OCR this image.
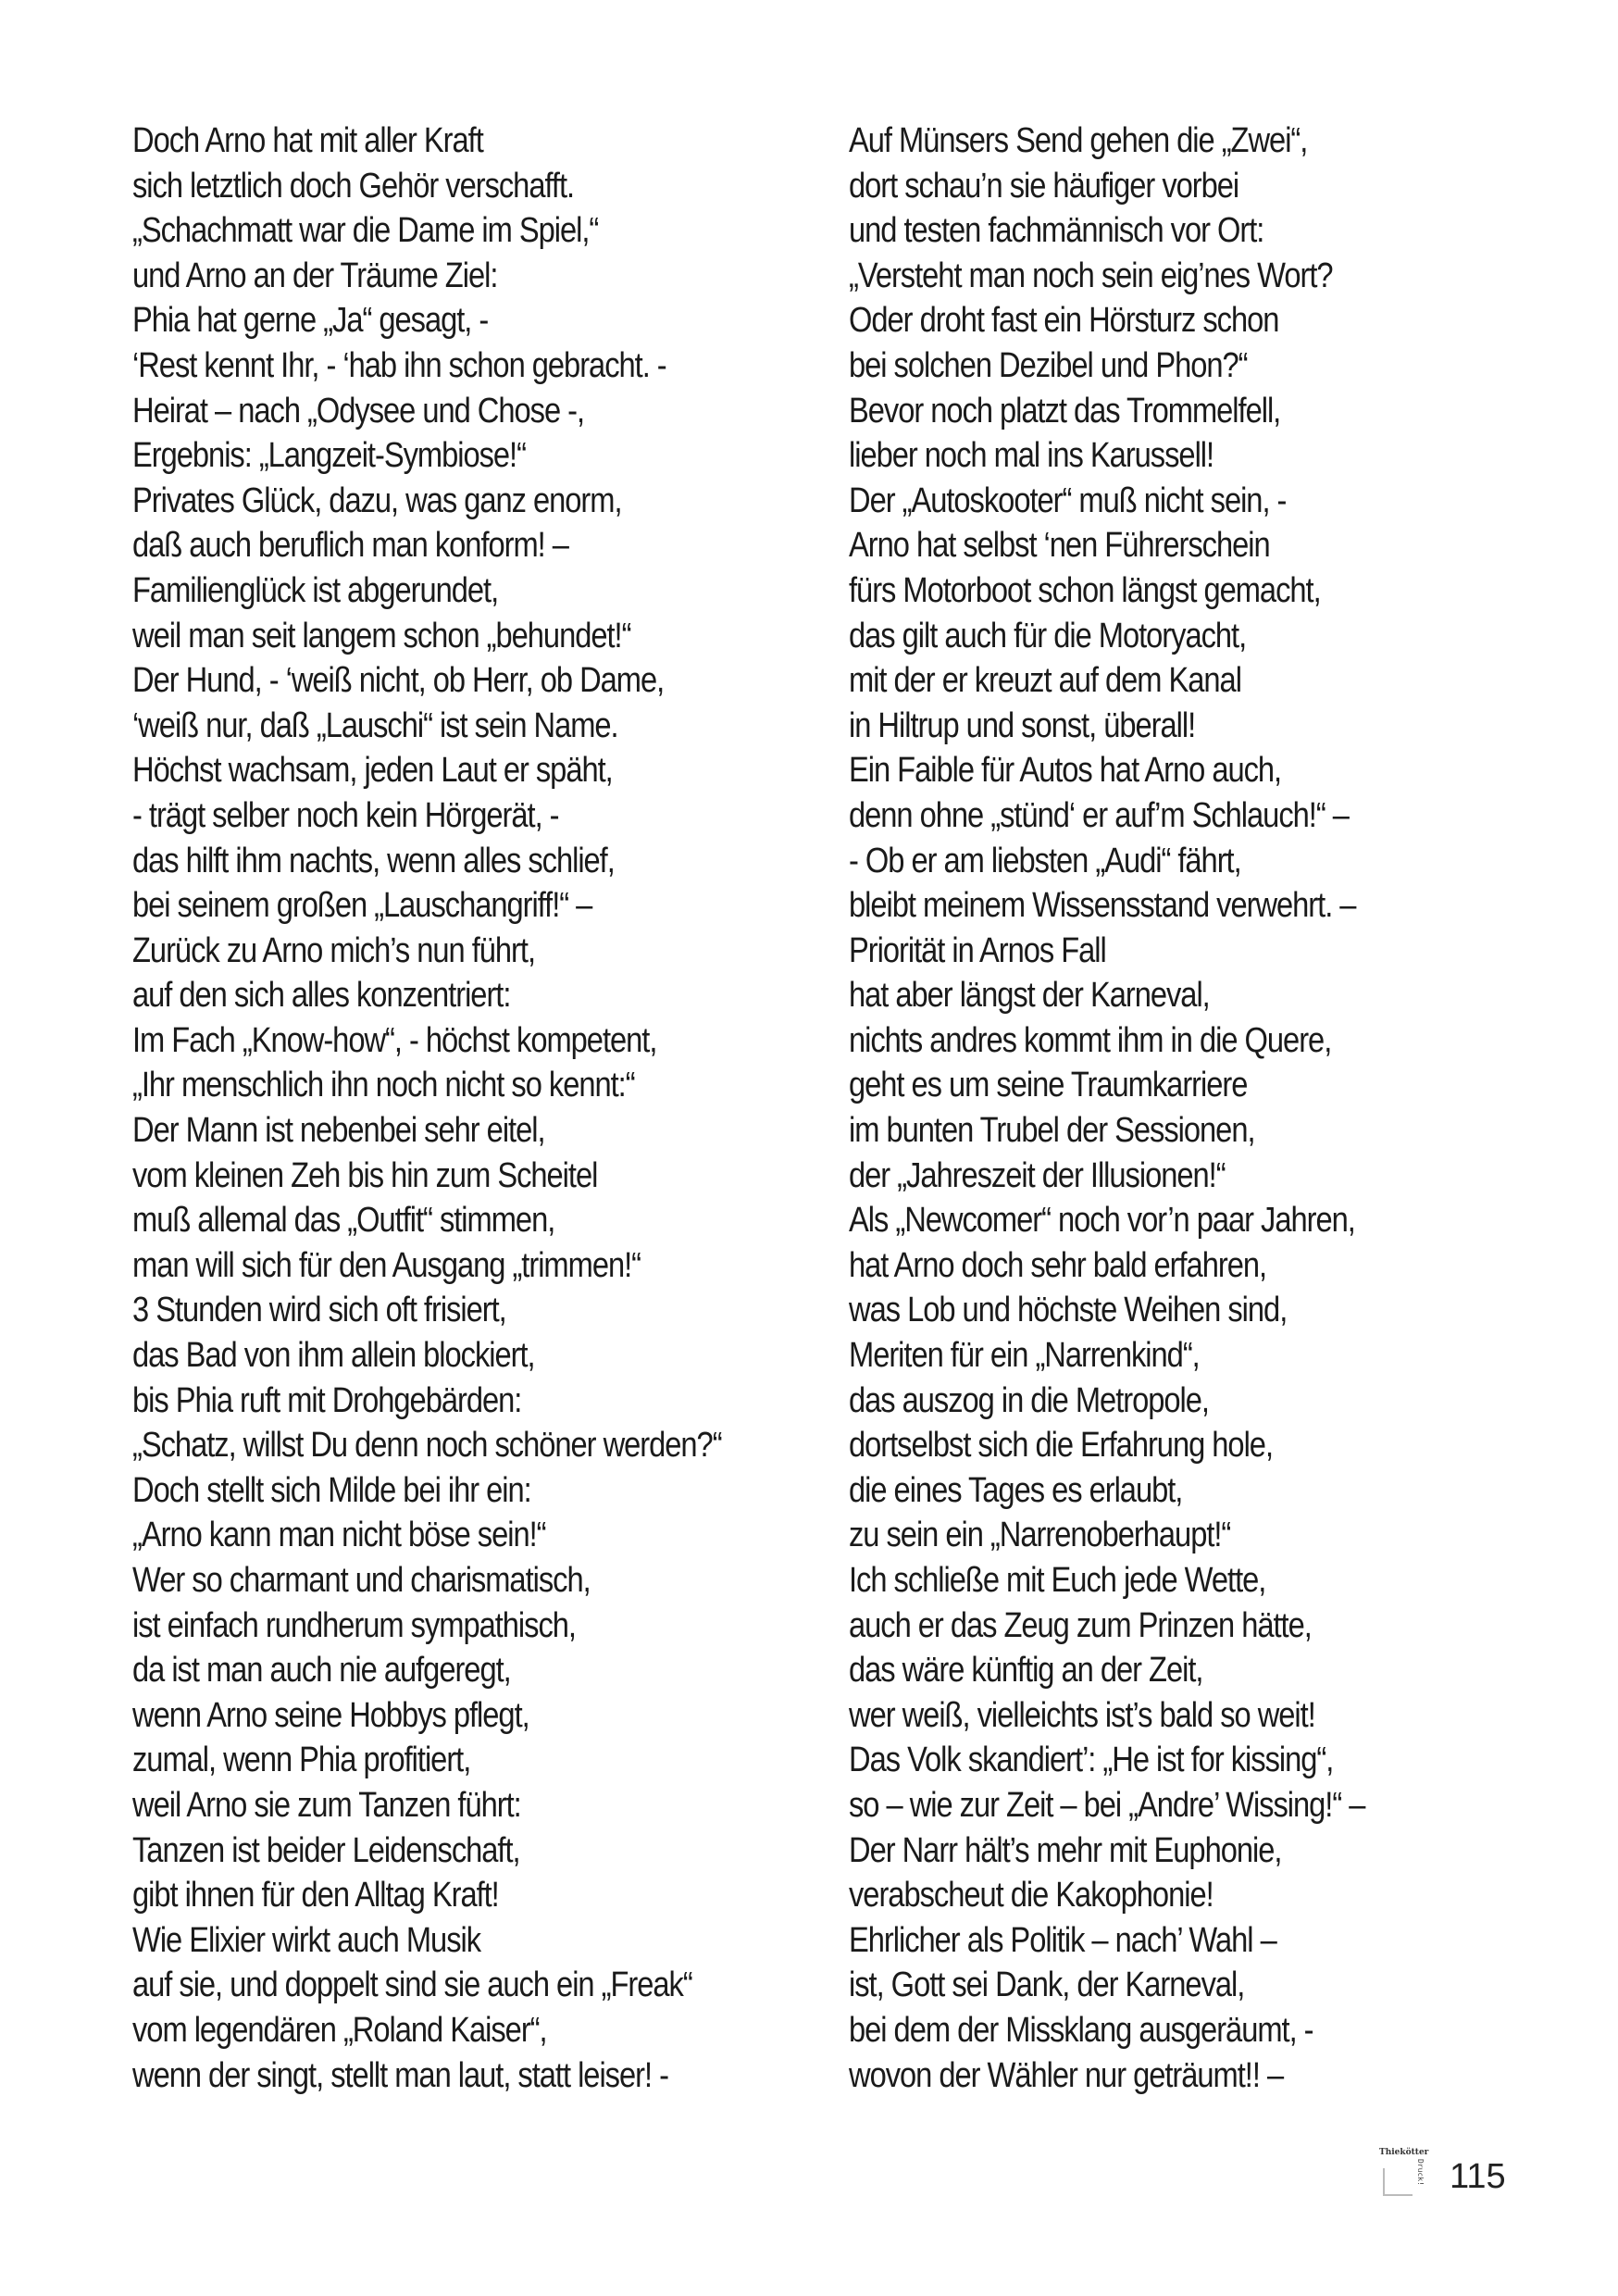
Doch Arno hat mit aller Kraft
sich letztlich doch Gehör verschafft.
„Schachmatt war die Dame im Spiel,“
und Arno an der Träume Ziel:
Phia hat gerne „Ja“ gesagt, -
‘Rest kennt Ihr, - ‘hab ihn schon gebracht. -
Heirat – nach „Odysee und Chose -,
Ergebnis: „Langzeit-Symbiose!“
Privates Glück, dazu, was ganz enorm,
daß auch beruflich man konform! –
Familienglück ist abgerundet,
weil man seit langem schon „behundet!“
Der Hund, - ‘weiß nicht, ob Herr, ob Dame,
‘weiß nur, daß „Lauschi“ ist sein Name.
Höchst wachsam, jeden Laut er späht,
- trägt selber noch kein Hörgerät, -
das hilft ihm nachts, wenn alles schlief,
bei seinem großen „Lauschangriff!“ –
Zurück zu Arno mich’s nun führt,
auf den sich alles konzentriert:
Im Fach „Know-how“, - höchst kompetent,
„Ihr menschlich ihn noch nicht so kennt:“
Der Mann ist nebenbei sehr eitel,
vom kleinen Zeh bis hin zum Scheitel
muß allemal das „Outfit“ stimmen,
man will sich für den Ausgang „trimmen!“
3 Stunden wird sich oft frisiert,
das Bad von ihm allein blockiert,
bis Phia ruft mit Drohgebärden:
„Schatz, willst Du denn noch schöner werden?“
Doch stellt sich Milde bei ihr ein:
„Arno kann man nicht böse sein!“
Wer so charmant und charismatisch,
ist einfach rundherum sympathisch,
da ist man auch nie aufgeregt,
wenn Arno seine Hobbys pflegt,
zumal, wenn Phia profitiert,
weil Arno sie zum Tanzen führt:
Tanzen ist beider Leidenschaft,
gibt ihnen für den Alltag Kraft!
Wie Elixier wirkt auch Musik
auf sie, und doppelt sind sie auch ein „Freak“
vom legendären „Roland Kaiser“,
wenn der singt, stellt man laut, statt leiser! -
Auf Münsers Send gehen die „Zwei“,
dort schau’n sie häufiger vorbei
und testen fachmännisch vor Ort:
„Versteht man noch sein eig’nes Wort?
Oder droht fast ein Hörsturz schon
bei solchen Dezibel und Phon?“
Bevor noch platzt das Trommelfell,
lieber noch mal ins Karussell!
Der „Autoskooter“ muß nicht sein, -
Arno hat selbst ‘nen Führerschein
fürs Motorboot schon längst gemacht,
das gilt auch für die Motoryacht,
mit der er kreuzt auf dem Kanal
in Hiltrup und sonst, überall!
Ein Faible für Autos hat Arno auch,
denn ohne „stünd‘ er auf’m Schlauch!“ –
- Ob er am liebsten „Audi“ fährt,
bleibt meinem Wissensstand verwehrt. –
Priorität in Arnos Fall
hat aber längst der Karneval,
nichts andres kommt ihm in die Quere,
geht es um seine Traumkarriere
im bunten Trubel der Sessionen,
der „Jahreszeit der Illusionen!“
Als „Newcomer“ noch vor’n paar Jahren,
hat Arno doch sehr bald erfahren,
was Lob und höchste Weihen sind,
Meriten für ein „Narrenkind“,
das auszog in die Metropole,
dortselbst sich die Erfahrung hole,
die eines Tages es erlaubt,
zu sein ein „Narrenoberhaupt!“
Ich schließe mit Euch jede Wette,
auch er das Zeug zum Prinzen hätte,
das wäre künftig an der Zeit,
wer weiß, vielleichts ist’s bald so weit!
Das Volk skandiert’: „He ist for kissing“,
so – wie zur Zeit – bei „Andre’ Wissing!“ –
Der Narr hält’s mehr mit Euphonie,
verabscheut die Kakophonie!
Ehrlicher als Politik – nach’ Wahl –
ist, Gott sei Dank, der Karneval,
bei dem der Missklang ausgeräumt, -
wovon der Wähler nur geträumt!! –
Thiekötter
Druck! 115
